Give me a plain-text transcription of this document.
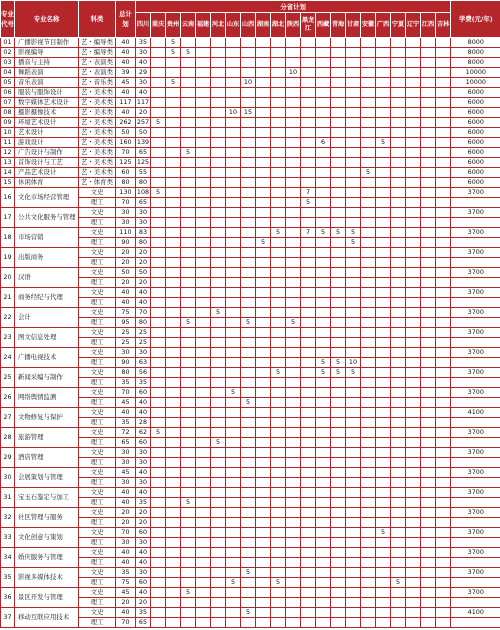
专业代号	专业名称	科类	总计划	分省计划																					学费(元/年)
				四川	重庆	贵州	云南	福建	河北	山东	山西	湖南	湖北	陕西	黑龙江	西藏	青海	甘肃	安徽	广西	宁夏	辽宁	江西	吉林	
01	广播影视节目制作	艺・编导类	40	35		5																			8000
02	影视编导	艺・编导类	40	30		5	5																		8000
03	播音与主持	艺・表演类	40	40																					8000
04	舞蹈表演	艺・表演类	39	29										10											10000
05	音乐表演	艺・音乐类	45	30		5					10														10000
06	服装与服饰设计	艺・美术类	40	40																					6000
07	数字媒体艺术设计	艺・美术类	117	117																					6000
08	摄影摄像技术	艺・美术类	40	20						10	15														6000
09	环境艺术设计	艺・美术类	262	257	5																				6000
10	艺术设计	艺・美术类	50	50																					6000
11	游戏设计	艺・美术类	160	139												6				5					6000
12	广告设计与制作	艺・美术类	70	65			5																		6000
13	首饰设计与工艺	艺・美术类	125	125																					6000
14	产品艺术设计	艺・美术类	60	55															5						6000
15	休闲体育	艺・体育类	80	80																					6000
16	文化市场经营管理	文史	130	108	5										7										3700
		理工	70	65											5										
17	公共文化服务与管理	文史	30	30																					3700
		理工	30	30																					
18	市场营销	文史	110	83									5		7	5	5	5							3700
		理工	90	80								5						5							
19	出版商务	文史	20	20																					3700
		理工	20	20																					
20	汉语	文史	50	50																					3700
		理工	20	20																					
21	商务经纪与代理	文史	40	40																					3700
		理工	40	40																					
22	会计	文史	75	70					5																3700
		理工	95	80			5				5			5											
23	图文信息处理	文史	25	25																					3700
		理工	25	25																					
24	广播电视技术	文史	30	30																					3700
		理工	90	63												5	5	10							
25	新闻采编与制作	文史	80	56									5			5	5	5							3700
		理工	35	35																					
26	网络舆情监测	文史	70	60						5															3700
		理工	45	40							5														
27	文物修复与保护	文史	40	40																					4100
		理工	35	28																					
28	旅游管理	文史	72	62	5																				3700
		理工	65	60					5																
29	酒店管理	文史	30	30																					3700
		理工	30	30																					
30	会展策划与管理	文史	45	40																					3700
		理工	30	30																					
31	宝玉石鉴定与加工	文史	40	40																					3700
		理工	40	35			5																		
32	社区管理与服务	文史	20	20																					3700
		理工	20	20																					
33	文化创意与策划	文史	70	60																5					3700
		理工	30	30																					
34	婚庆服务与管理	文史	40	40																					3700
		理工	40	40																					
35	影视多媒体技术	文史	35	30							5														3700
		理工	75	60						5			5								5				
36	景区开发与管理	文史	45	40			5																		3700
		理工	20	20																					
37	移动互联应用技术	文史	40	35							5														4100
		理工	70	65																					
